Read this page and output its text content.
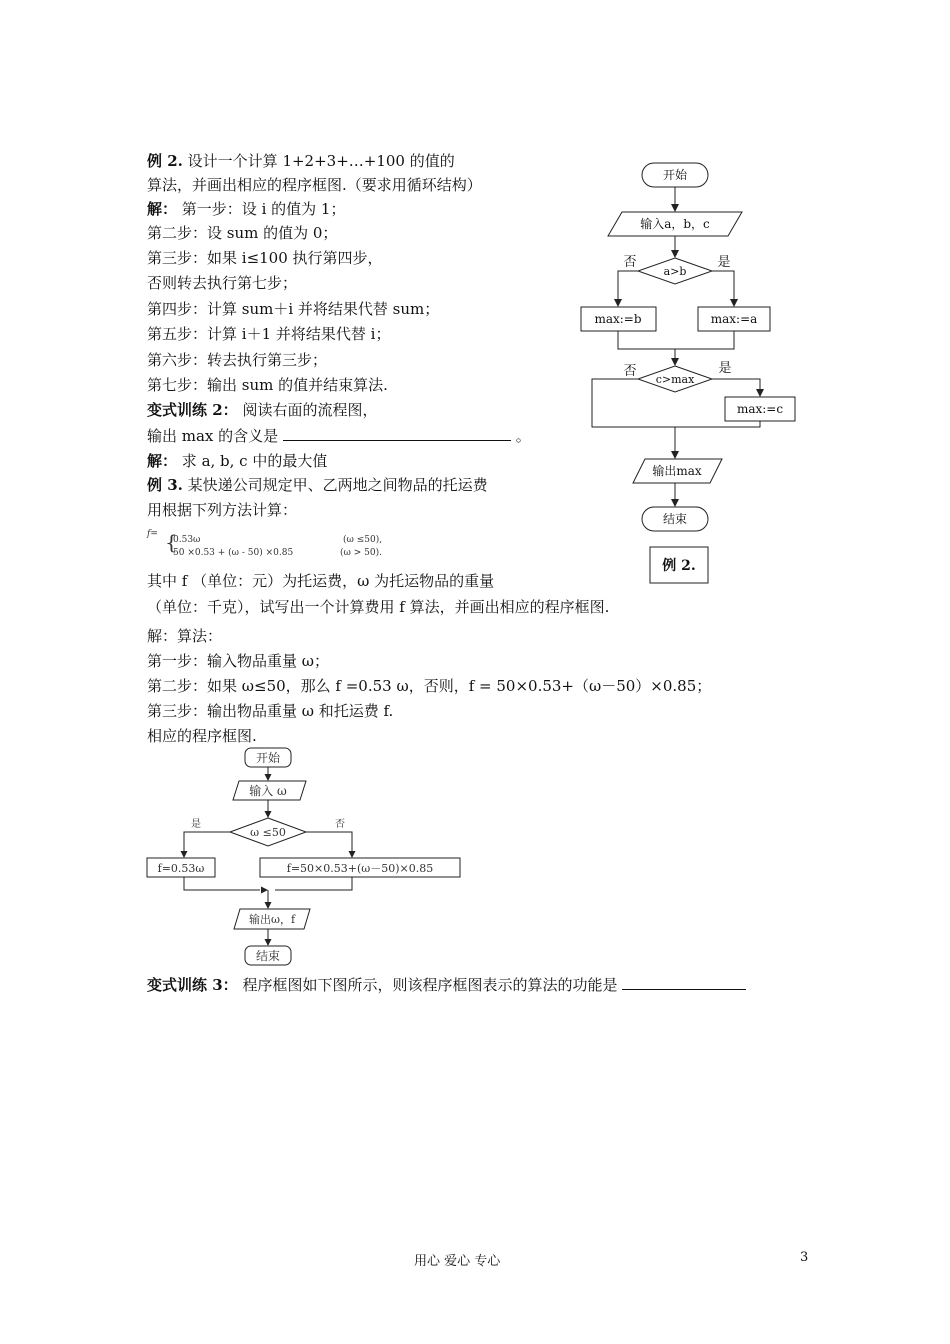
例 2. 设计一个计算 1+2+3+…+100 的值的
算法，并画出相应的程序框图.（要求用循环结构）
解： 第一步：设 i 的值为 1；
第二步：设 sum 的值为 0；
第三步：如果 i≤100 执行第四步，
否则转去执行第七步；
第四步：计算 sum＋i 并将结果代替 sum；
第五步：计算 i＋1 并将结果代替 i；
第六步：转去执行第三步；
第七步：输出 sum 的值并结束算法.
变式训练 2： 阅读右面的流程图，
输出 max 的含义是	。
解： 求 a, b, c 中的最大值
例 3. 某快递公司规定甲、乙两地之间物品的托运费
用根据下列方法计算：
f= {
0.53ω	(ω ≤50),
50 ×0.53 + (ω - 50) ×0.85	(ω > 50).
其中 f （单位：元）为托运费，ω 为托运物品的重量
（单位：千克），试写出一个计算费用 f 算法，并画出相应的程序框图.
解：算法：
第一步：输入物品重量 ω；
第二步：如果 ω≤50，那么 f =0.53 ω，否则，f = 50×0.53+（ω－50）×0.85；
第三步：输出物品重量 ω 和托运费 f.
相应的程序框图.
变式训练 3： 程序框图如下图所示，则该程序框图表示的算法的功能是
开始
输入a，b，c
否	是
a>b
max:=b	max:=a
否	是
c>max
max:=c
输出max
结束
例 2.
开始
输入 ω
是	否
ω ≤50
f=0.53ω	f=50×0.53+(ω－50)×0.85
输出ω，f
结束
用心 爱心 专心	3
